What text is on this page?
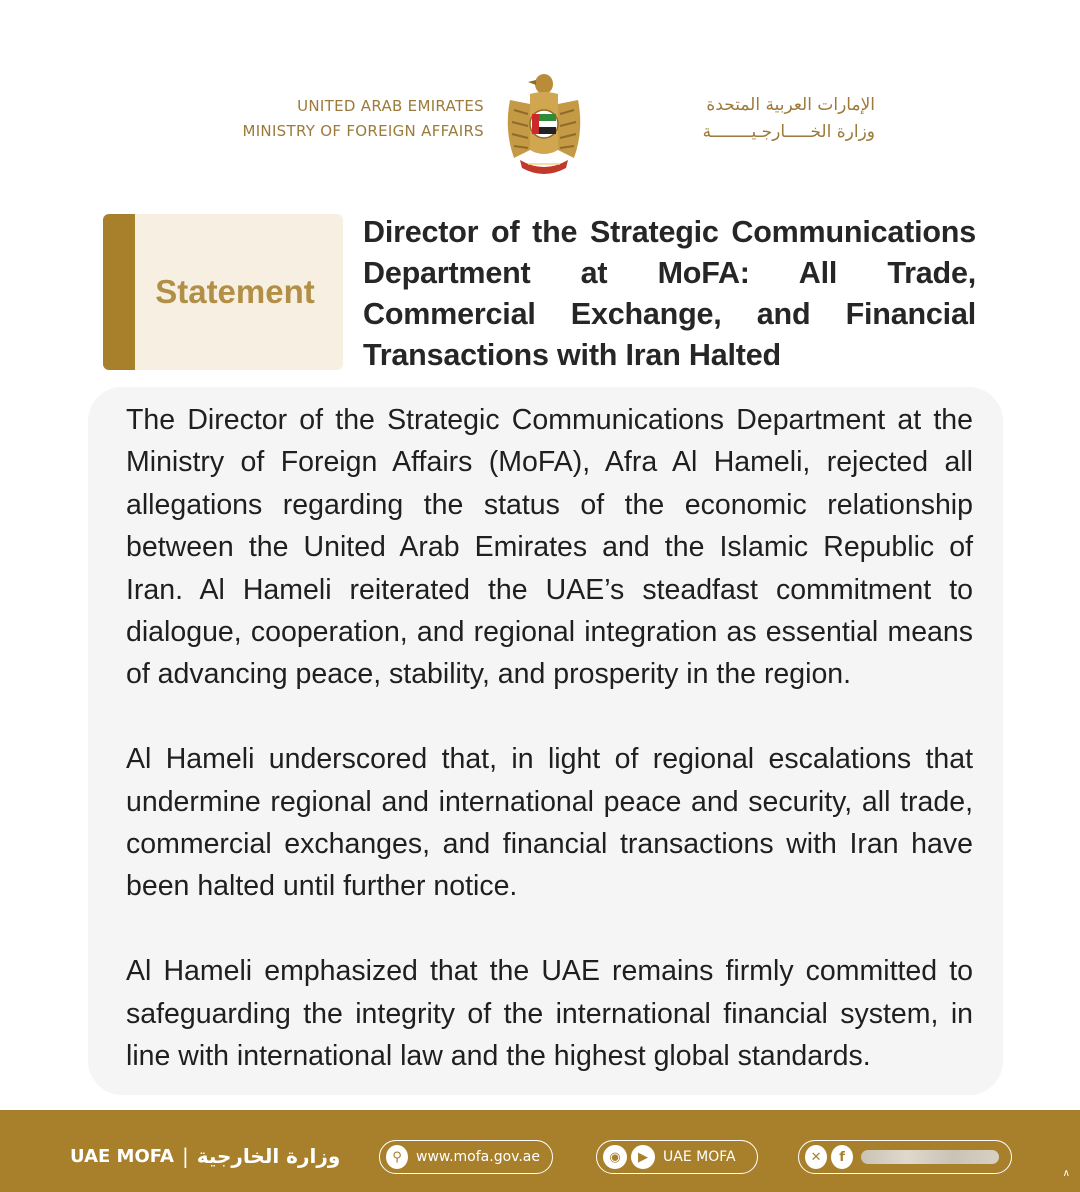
UNITED ARAB EMIRATES
MINISTRY OF FOREIGN AFFAIRS
الإمارات العربية المتحدة
وزارة الخـــــارجـيــــــــة
Statement
Director of the Strategic Communications Department at MoFA: All Trade, Commercial Exchange, and Financial Transactions with Iran Halted

The Director of the Strategic Communications Department at the Ministry of Foreign Affairs (MoFA), Afra Al Hameli, rejected all allegations regarding the status of the economic relationship between the United Arab Emirates and the Islamic Republic of Iran. Al Hameli reiterated the UAE’s steadfast commitment to dialogue, cooperation, and regional integration as essential means of advancing peace, stability, and prosperity in the region.

Al Hameli underscored that, in light of regional escalations that undermine regional and international peace and security, all trade, commercial exchanges, and financial transactions with Iran have been halted until further notice.

Al Hameli emphasized that the UAE remains firmly committed to safeguarding the integrity of the international financial system, in line with international law and the highest global standards.

UAE MOFA | وزارة الخارجية	⚲	www.mofa.gov.ae	◉	▶	UAE MOFA	✕	f
∧
